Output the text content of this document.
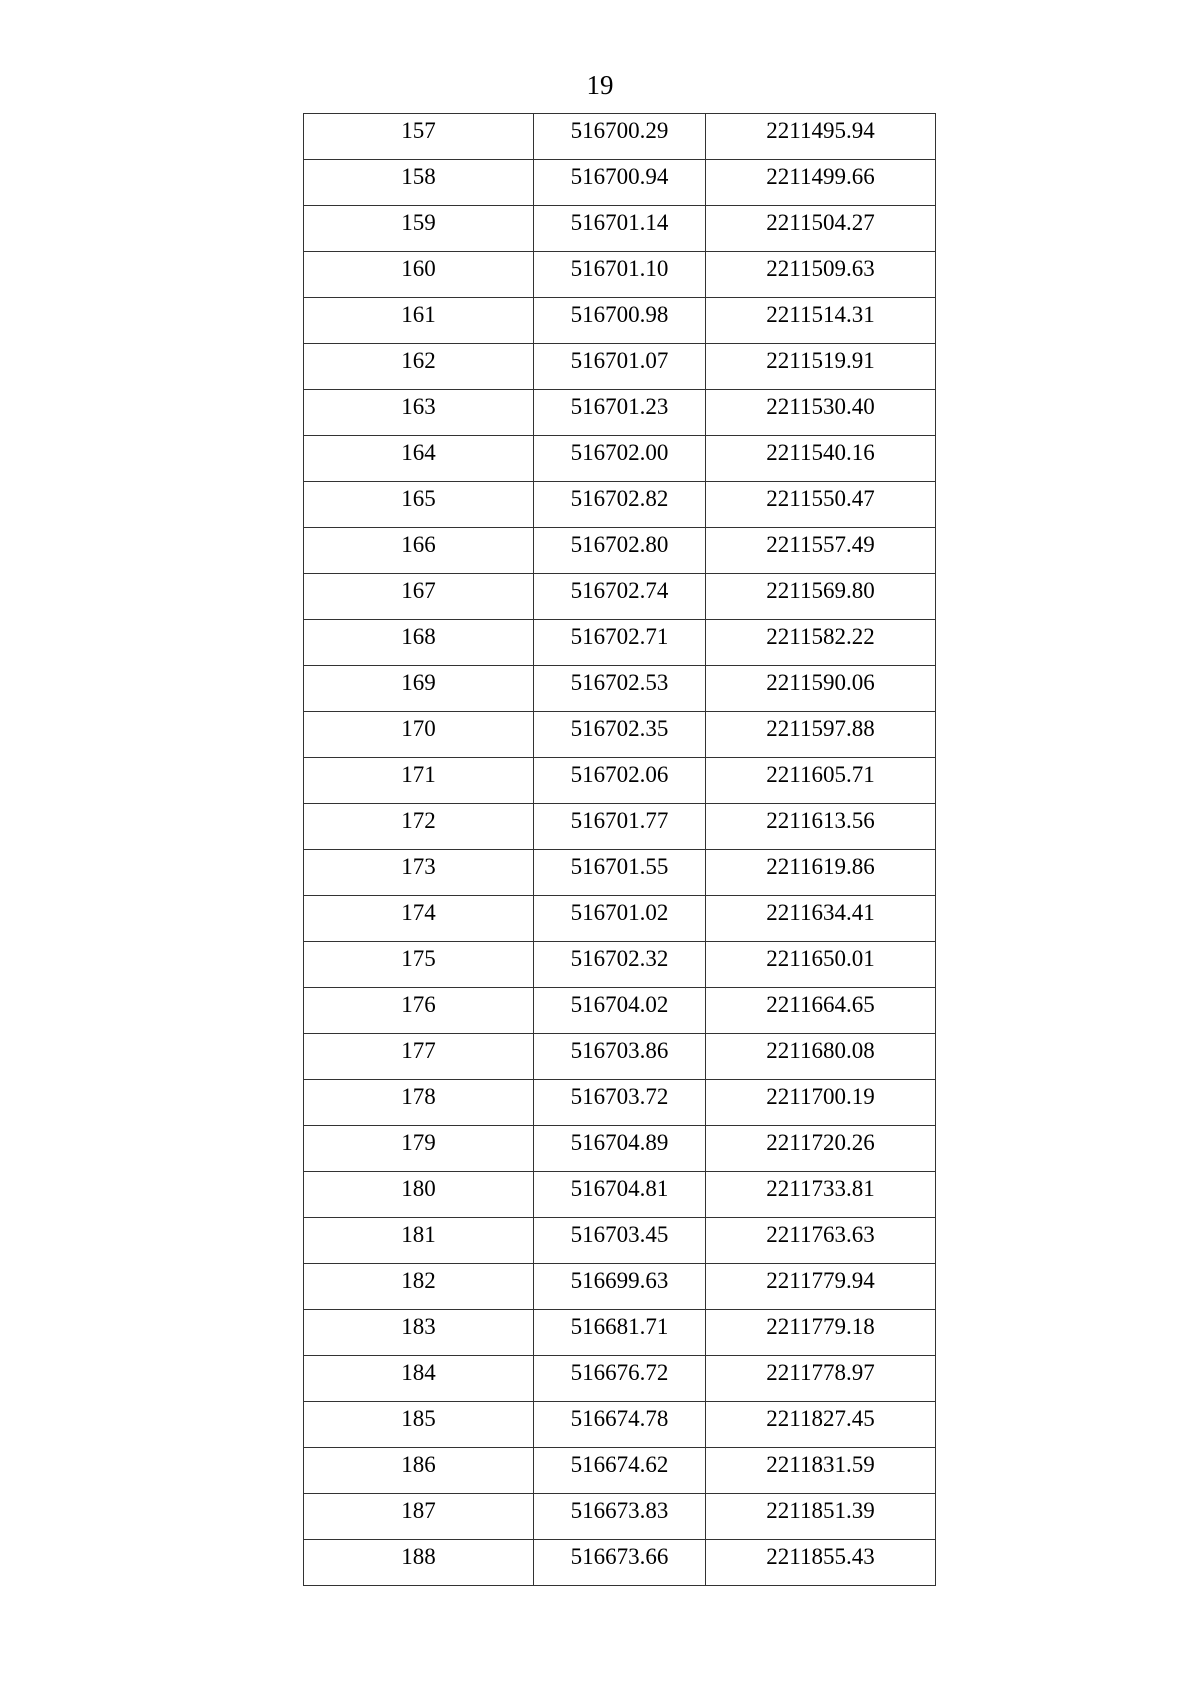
19
157	516700.29	2211495.94
158	516700.94	2211499.66
159	516701.14	2211504.27
160	516701.10	2211509.63
161	516700.98	2211514.31
162	516701.07	2211519.91
163	516701.23	2211530.40
164	516702.00	2211540.16
165	516702.82	2211550.47
166	516702.80	2211557.49
167	516702.74	2211569.80
168	516702.71	2211582.22
169	516702.53	2211590.06
170	516702.35	2211597.88
171	516702.06	2211605.71
172	516701.77	2211613.56
173	516701.55	2211619.86
174	516701.02	2211634.41
175	516702.32	2211650.01
176	516704.02	2211664.65
177	516703.86	2211680.08
178	516703.72	2211700.19
179	516704.89	2211720.26
180	516704.81	2211733.81
181	516703.45	2211763.63
182	516699.63	2211779.94
183	516681.71	2211779.18
184	516676.72	2211778.97
185	516674.78	2211827.45
186	516674.62	2211831.59
187	516673.83	2211851.39
188	516673.66	2211855.43
